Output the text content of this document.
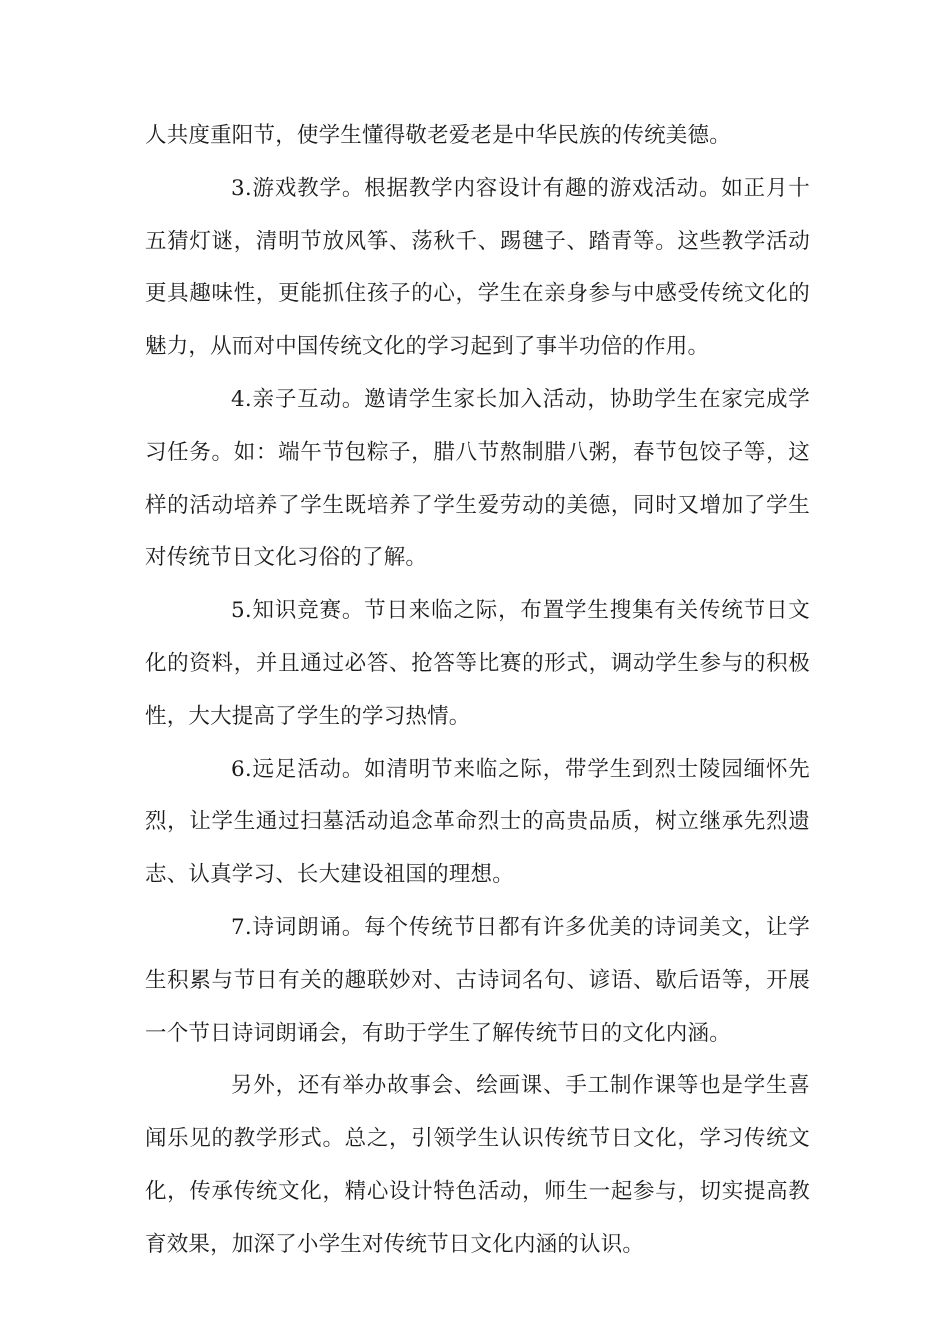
人共度重阳节，使学生懂得敬老爱老是中华民族的传统美德。

3.游戏教学。根据教学内容设计有趣的游戏活动。如正月十五猜灯谜，清明节放风筝、荡秋千、踢毽子、踏青等。这些教学活动更具趣味性，更能抓住孩子的心，学生在亲身参与中感受传统文化的魅力，从而对中国传统文化的学习起到了事半功倍的作用。

4.亲子互动。邀请学生家长加入活动，协助学生在家完成学习任务。如：端午节包粽子，腊八节熬制腊八粥，春节包饺子等，这样的活动培养了学生既培养了学生爱劳动的美德，同时又增加了学生对传统节日文化习俗的了解。

5.知识竞赛。节日来临之际，布置学生搜集有关传统节日文化的资料，并且通过必答、抢答等比赛的形式，调动学生参与的积极性，大大提高了学生的学习热情。

6.远足活动。如清明节来临之际，带学生到烈士陵园缅怀先烈，让学生通过扫墓活动追念革命烈士的高贵品质，树立继承先烈遗志、认真学习、长大建设祖国的理想。

7.诗词朗诵。每个传统节日都有许多优美的诗词美文，让学生积累与节日有关的趣联妙对、古诗词名句、谚语、歇后语等，开展一个节日诗词朗诵会，有助于学生了解传统节日的文化内涵。

另外，还有举办故事会、绘画课、手工制作课等也是学生喜闻乐见的教学形式。总之，引领学生认识传统节日文化，学习传统文化，传承传统文化，精心设计特色活动，师生一起参与，切实提高教育效果，加深了小学生对传统节日文化内涵的认识。
